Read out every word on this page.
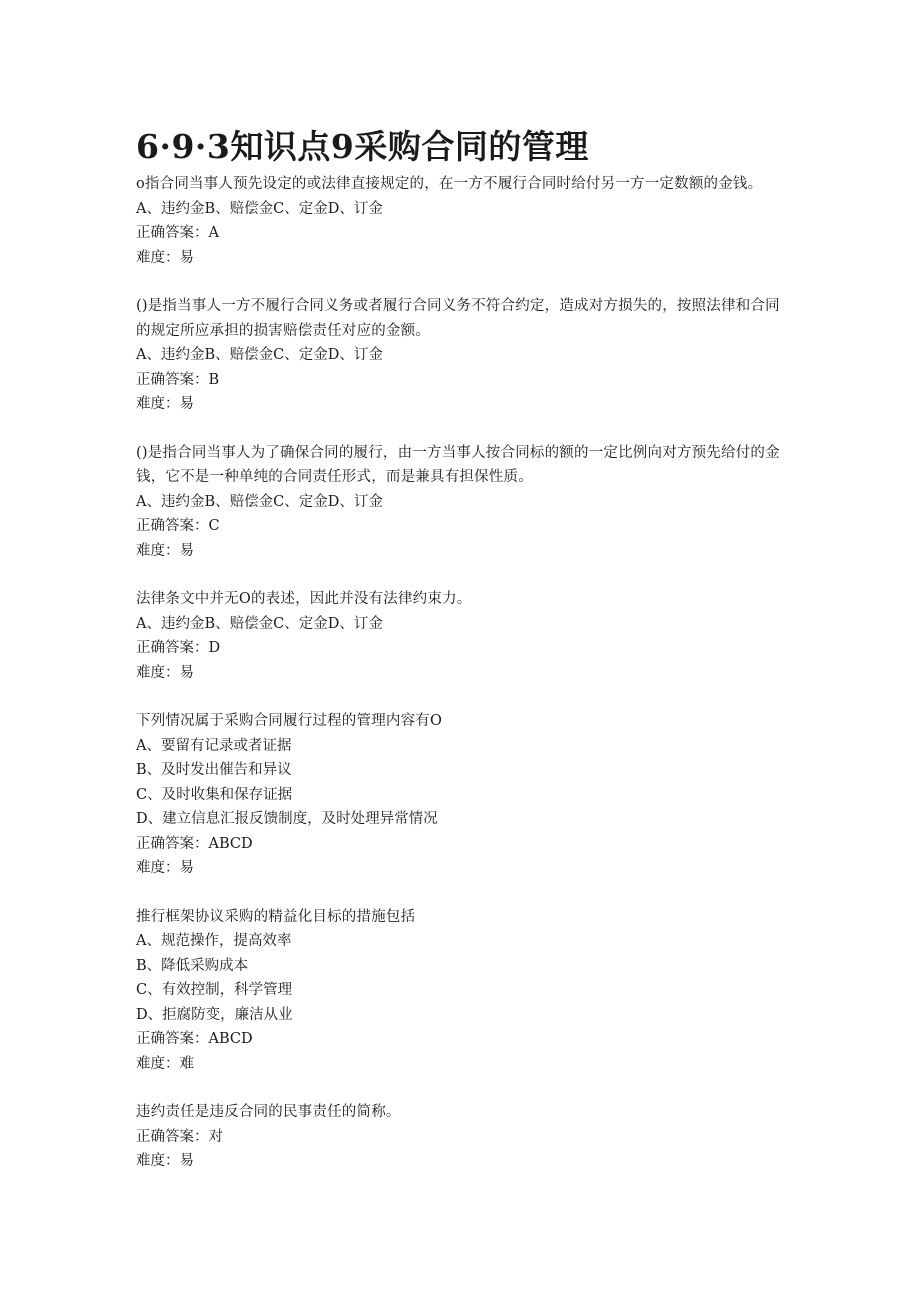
6·9·3知识点9采购合同的管理

o指合同当事人预先设定的或法律直接规定的，在一方不履行合同时给付另一方一定数额的金钱。

A、违约金B、赔偿金C、定金D、订金

正确答案：A

难度：易

()是指当事人一方不履行合同义务或者履行合同义务不符合约定，造成对方损失的，按照法律和合同的规定所应承担的损害赔偿责任对应的金额。

A、违约金B、赔偿金C、定金D、订金

正确答案：B

难度：易

()是指合同当事人为了确保合同的履行，由一方当事人按合同标的额的一定比例向对方预先给付的金钱，它不是一种单纯的合同责任形式，而是兼具有担保性质。

A、违约金B、赔偿金C、定金D、订金

正确答案：C

难度：易

法律条文中并无O的表述，因此并没有法律约束力。

A、违约金B、赔偿金C、定金D、订金

正确答案：D

难度：易

下列情况属于采购合同履行过程的管理内容有O

A、要留有记录或者证据

B、及时发出催告和异议

C、及时收集和保存证据

D、建立信息汇报反馈制度，及时处理异常情况

正确答案：ABCD

难度：易

推行框架协议采购的精益化目标的措施包括

A、规范操作，提高效率

B、降低采购成本

C、有效控制，科学管理

D、拒腐防变，廉洁从业

正确答案：ABCD

难度：难

违约责任是违反合同的民事责任的简称。

正确答案：对

难度：易
